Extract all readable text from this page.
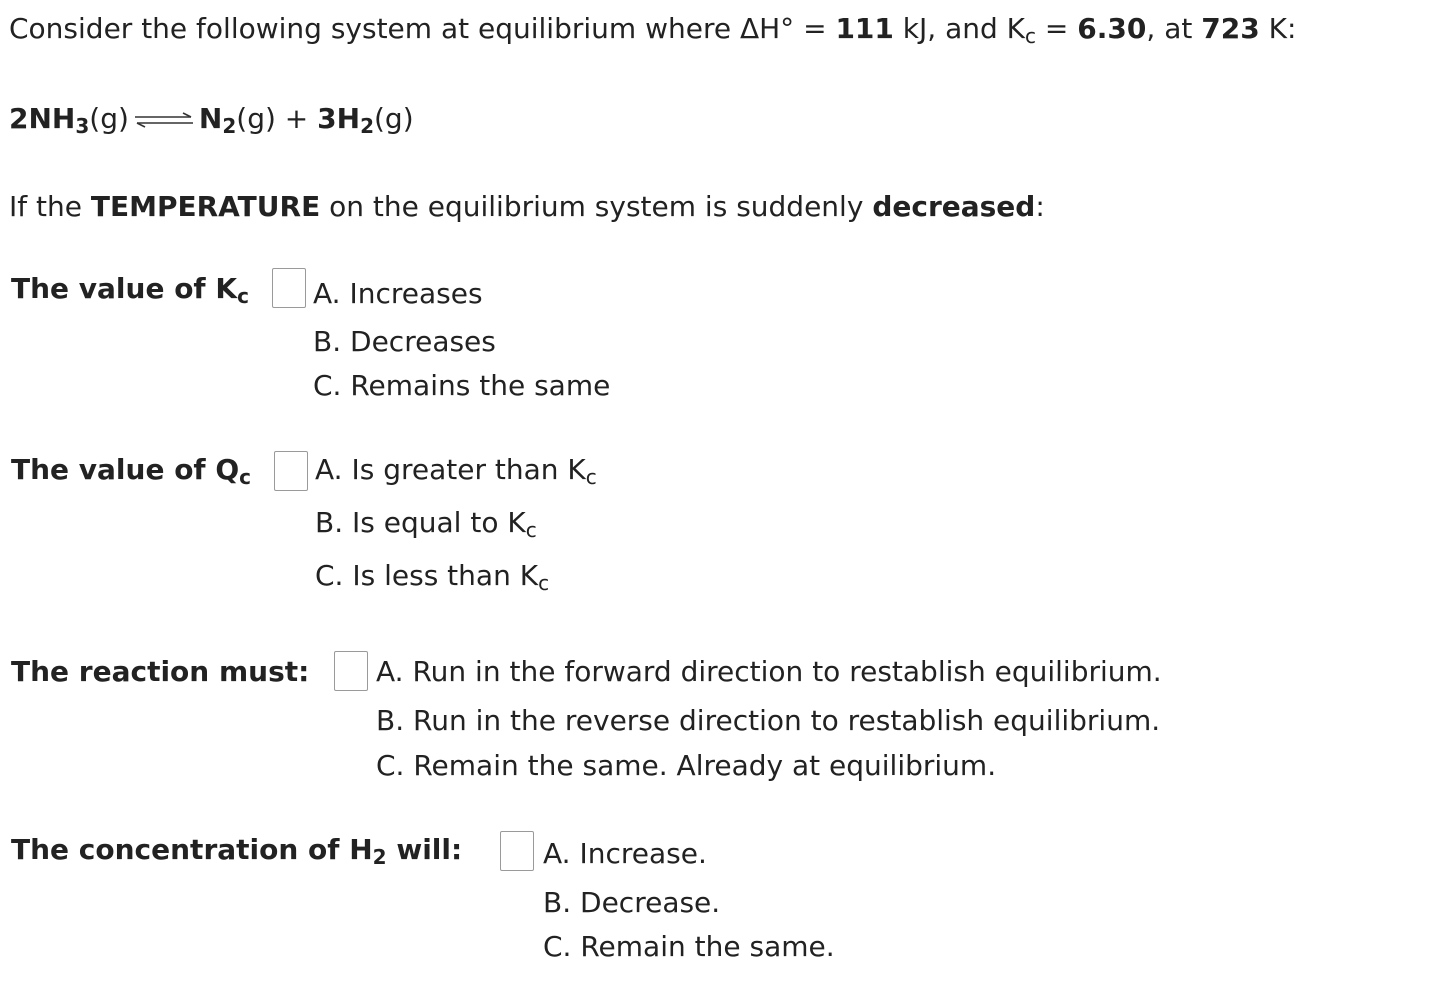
Consider the following system at equilibrium where ΔH° = 111 kJ, and $K_c = 6.30$, at 723 K:
$2NH_3(g)$ ⇌ $N_2(g) + 3H_2(g)$
If the TEMPERATURE on the equilibrium system is suddenly decreased:
The value of $K_c$ A. Increases
B. Decreases
C. Remains the same
The value of $Q_c$ A. Is greater than $K_c$
B. Is equal to $K_c$
C. Is less than $K_c$
The reaction must: A. Run in the forward direction to restablish equilibrium.
B. Run in the reverse direction to restablish equilibrium.
C. Remain the same. Already at equilibrium.
The concentration of $H_2$ will:	A. Increase.
B. Decrease.
C. Remain the same.
